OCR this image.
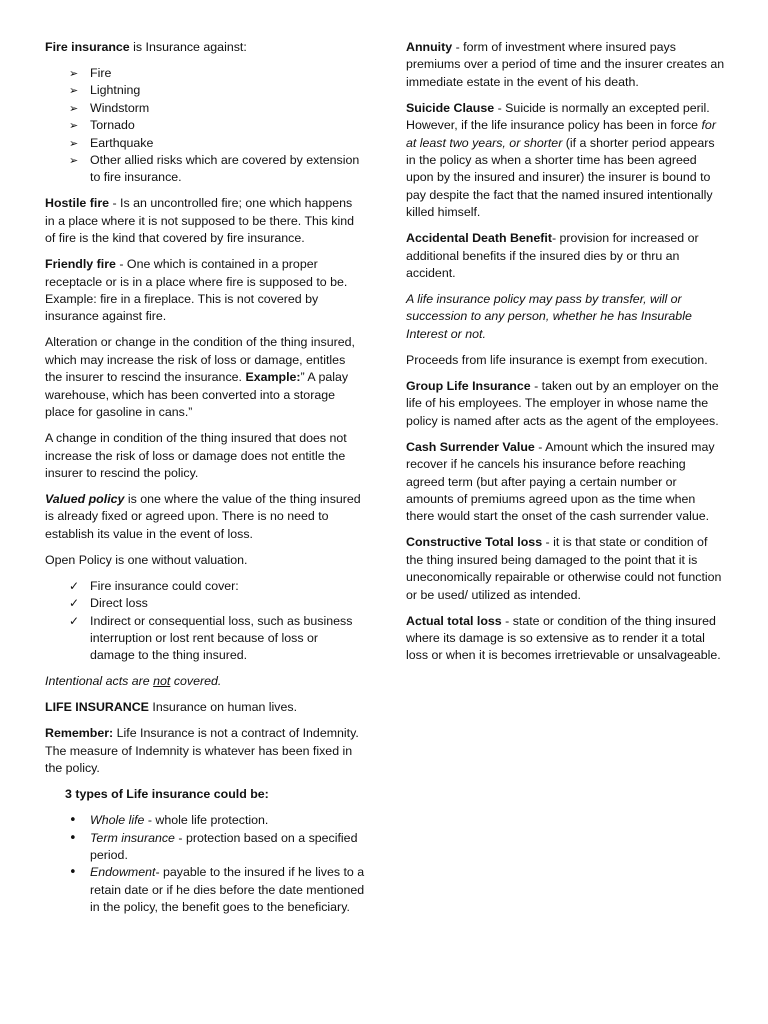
Fire insurance is Insurance against:

➢
Fire
➢
Lightning
➢
Windstorm
➢
Tornado
➢
Earthquake
➢
Other allied risks which are covered by extension to fire insurance.

Hostile fire - Is an uncontrolled fire; one which happens in a place where it is not supposed to be there. This kind of fire is the kind that covered by fire insurance.

Friendly fire - One which is contained in a proper receptacle or is in a place where fire is supposed to be. Example: fire in a fireplace. This is not covered by insurance against fire.

Alteration or change in the condition of the thing insured, which may increase the risk of loss or damage, entitles the insurer to rescind the insurance. Example:” A palay warehouse, which has been converted into a storage place for gasoline in cans.”

A change in condition of the thing insured that does not increase the risk of loss or damage does not entitle the insurer to rescind the policy.

Valued policy is one where the value of the thing insured is already fixed or agreed upon. There is no need to establish its value in the event of loss.

Open Policy is one without valuation.

✓
Fire insurance could cover:
✓
Direct loss
✓
Indirect or consequential loss, such as business interruption or lost rent because of loss or damage to the thing insured.

Intentional acts are not covered.

LIFE INSURANCE Insurance on human lives.

Remember: Life Insurance is not a contract of Indemnity. The measure of Indemnity is whatever has been fixed in the policy.

3 types of Life insurance could be:

•
Whole life - whole life protection.
•
Term insurance - protection based on a specified period.
•
Endowment- payable to the insured if he lives to a retain date or if he dies before the date mentioned in the policy, the benefit goes to the beneficiary.

Annuity - form of investment where insured pays premiums over a period of time and the insurer creates an immediate estate in the event of his death.

Suicide Clause - Suicide is normally an excepted peril. However, if the life insurance policy has been in force for at least two years, or shorter (if a shorter period appears in the policy as when a shorter time has been agreed upon by the insured and insurer) the insurer is bound to pay despite the fact that the named insured intentionally killed himself.

Accidental Death Benefit- provision for increased or additional benefits if the insured dies by or thru an accident.

A life insurance policy may pass by transfer, will or succession to any person, whether he has Insurable Interest or not.

Proceeds from life insurance is exempt from execution.

Group Life Insurance - taken out by an employer on the life of his employees. The employer in whose name the policy is named after acts as the agent of the employees.

Cash Surrender Value - Amount which the insured may recover if he cancels his insurance before reaching agreed term (but after paying a certain number or amounts of premiums agreed upon as the time when there would start the onset of the cash surrender value.

Constructive Total loss - it is that state or condition of the thing insured being damaged to the point that it is uneconomically repairable or otherwise could not function or be used/ utilized as intended.

Actual total loss - state or condition of the thing insured where its damage is so extensive as to render it a total loss or when it is becomes irretrievable or unsalvageable.
